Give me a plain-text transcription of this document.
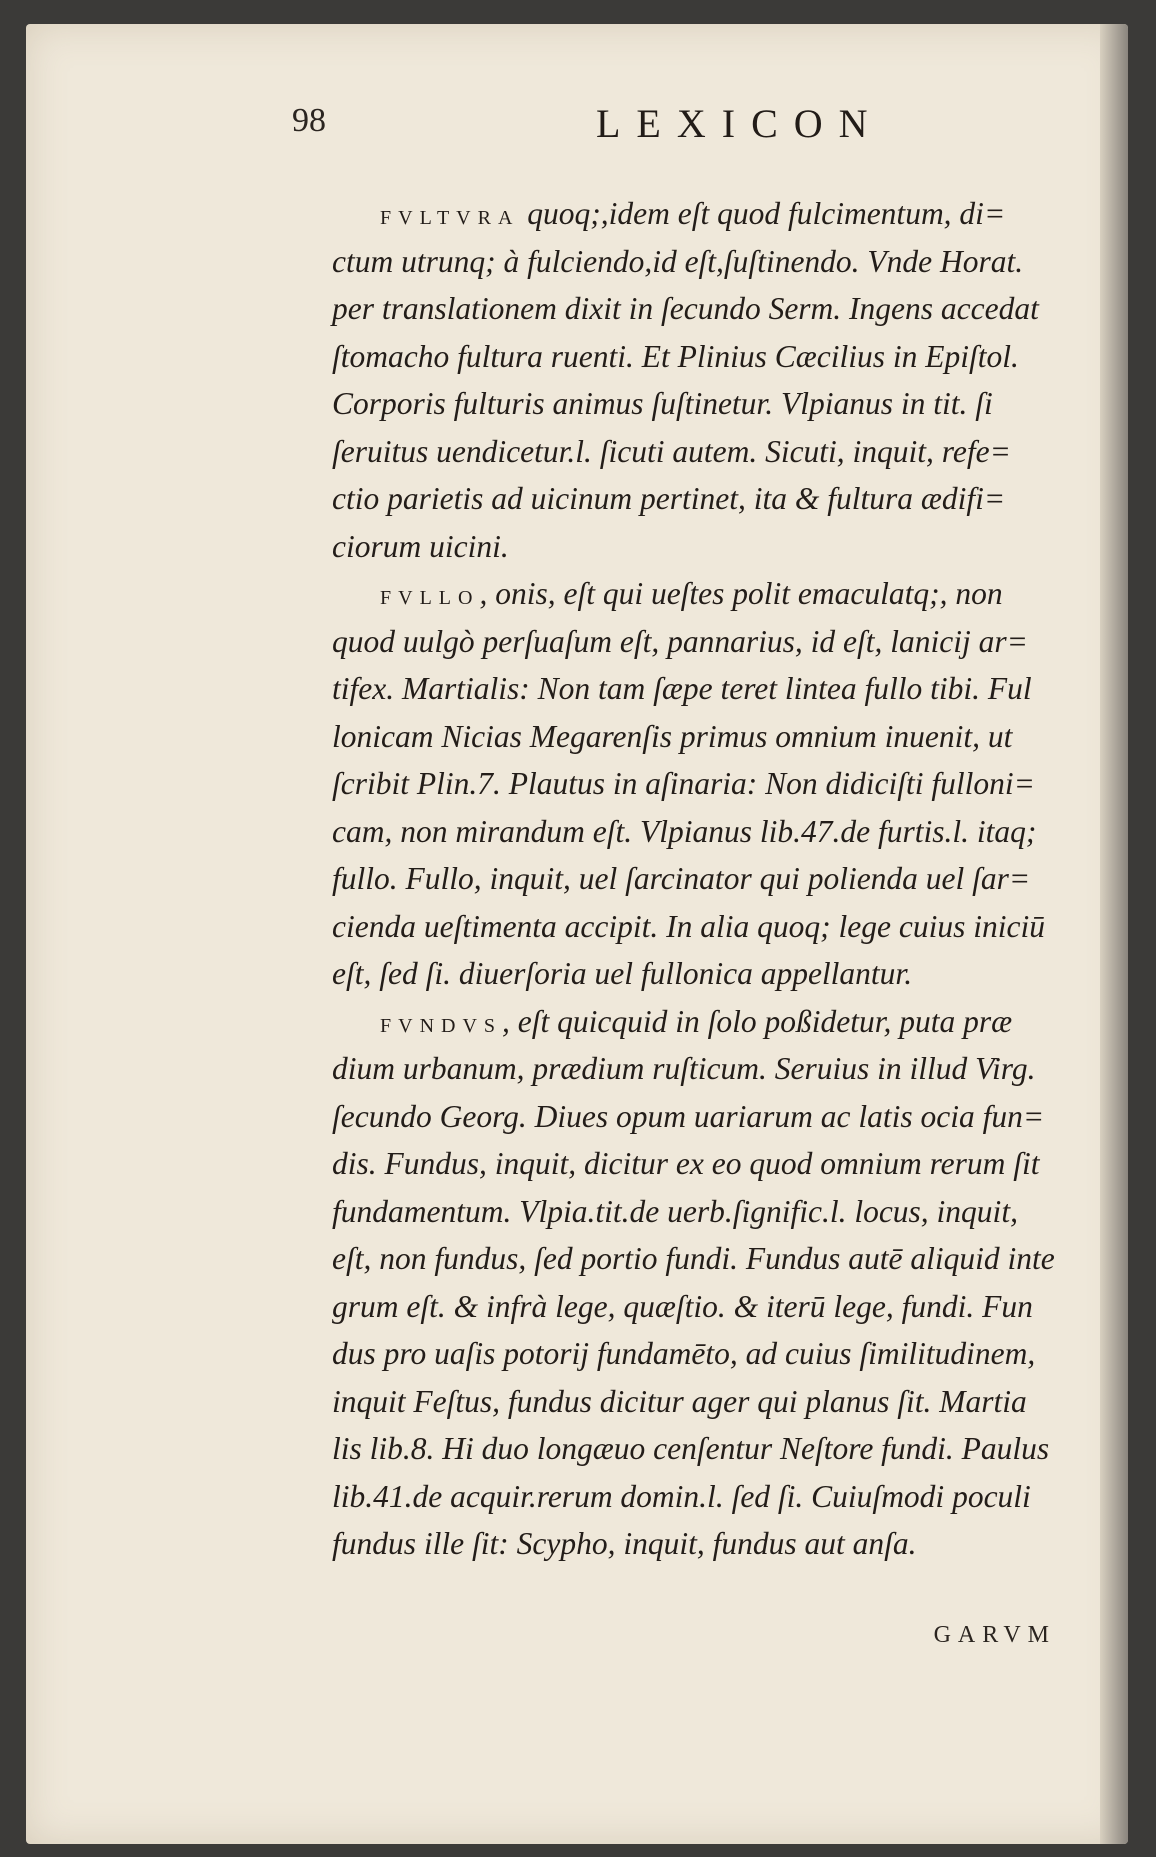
98	LEXICON
FVLTVRA quoq;,idem eſt quod fulcimentum, di=
ctum utrunq; à fulciendo,id eſt,ſuſtinendo. Vnde Horat.
per translationem dixit in ſecundo Serm. Ingens accedat
ſtomacho fultura ruenti. Et Plinius Cæcilius in Epiſtol.
Corporis fulturis animus ſuſtinetur. Vlpianus in tit. ſi
ſeruitus uendicetur.l. ſicuti autem. Sicuti, inquit, refe=
ctio parietis ad uicinum pertinet, ita & fultura ædifi=
ciorum uicini.
FVLLO, onis, eſt qui ueſtes polit emaculatq;, non
quod uulgò perſuaſum eſt, pannarius, id eſt, lanicij ar=
tifex. Martialis: Non tam ſæpe teret lintea fullo tibi. Ful
lonicam Nicias Megarenſis primus omnium inuenit, ut
ſcribit Plin.7. Plautus in aſinaria: Non didiciſti fulloni=
cam, non mirandum eſt. Vlpianus lib.47.de furtis.l. itaq;
fullo. Fullo, inquit, uel ſarcinator qui polienda uel ſar=
cienda ueſtimenta accipit. In alia quoq; lege cuius iniciū
eſt, ſed ſi. diuerſoria uel fullonica appellantur.
FVNDVS, eſt quicquid in ſolo poßidetur, puta præ
dium urbanum, prædium ruſticum. Seruius in illud Virg.
ſecundo Georg. Diues opum uariarum ac latis ocia fun=
dis. Fundus, inquit, dicitur ex eo quod omnium rerum ſit
fundamentum. Vlpia.tit.de uerb.ſignific.l. locus, inquit,
eſt, non fundus, ſed portio fundi. Fundus autē aliquid inte
grum eſt. & infrà lege, quæſtio. & iterū lege, fundi. Fun
dus pro uaſis potorij fundamēto, ad cuius ſimilitudinem,
inquit Feſtus, fundus dicitur ager qui planus ſit. Martia
lis lib.8. Hi duo longæuo cenſentur Neſtore fundi. Paulus
lib.41.de acquir.rerum domin.l. ſed ſi. Cuiuſmodi poculi
fundus ille ſit: Scypho, inquit, fundus aut anſa.
GARVM
